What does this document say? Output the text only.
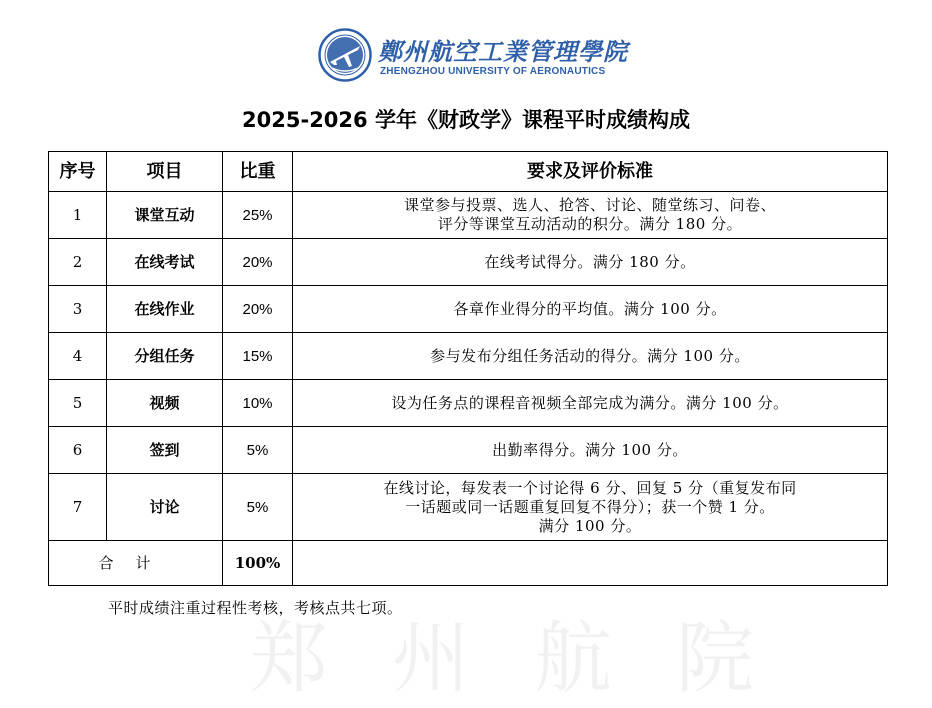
郑州航院
鄭州航空工業管理學院
ZHENGZHOU UNIVERSITY OF AERONAUTICS
2025-2026 学年《财政学》课程平时成绩构成
序号	项目	比重	要求及评价标准
1	课堂互动	25%	课堂参与投票、选人、抢答、讨论、随堂练习、问卷、
评分等课堂互动活动的积分。满分 180 分。

2	在线考试	20%	在线考试得分。满分 180 分。

3	在线作业	20%	各章作业得分的平均值。满分 100 分。

4	分组任务	15%	参与发布分组任务活动的得分。满分 100 分。

5	视频	10%	设为任务点的课程音视频全部完成为满分。满分 100 分。

6	签到	5%	出勤率得分。满分 100 分。

7	讨论	5%	在线讨论，每发表一个讨论得 6 分、回复 5 分（重复发布同
一话题或同一话题重复回复不得分）；获一个赞 1 分。
满分 100 分。

合计		100%	
平时成绩注重过程性考核，考核点共七项。
